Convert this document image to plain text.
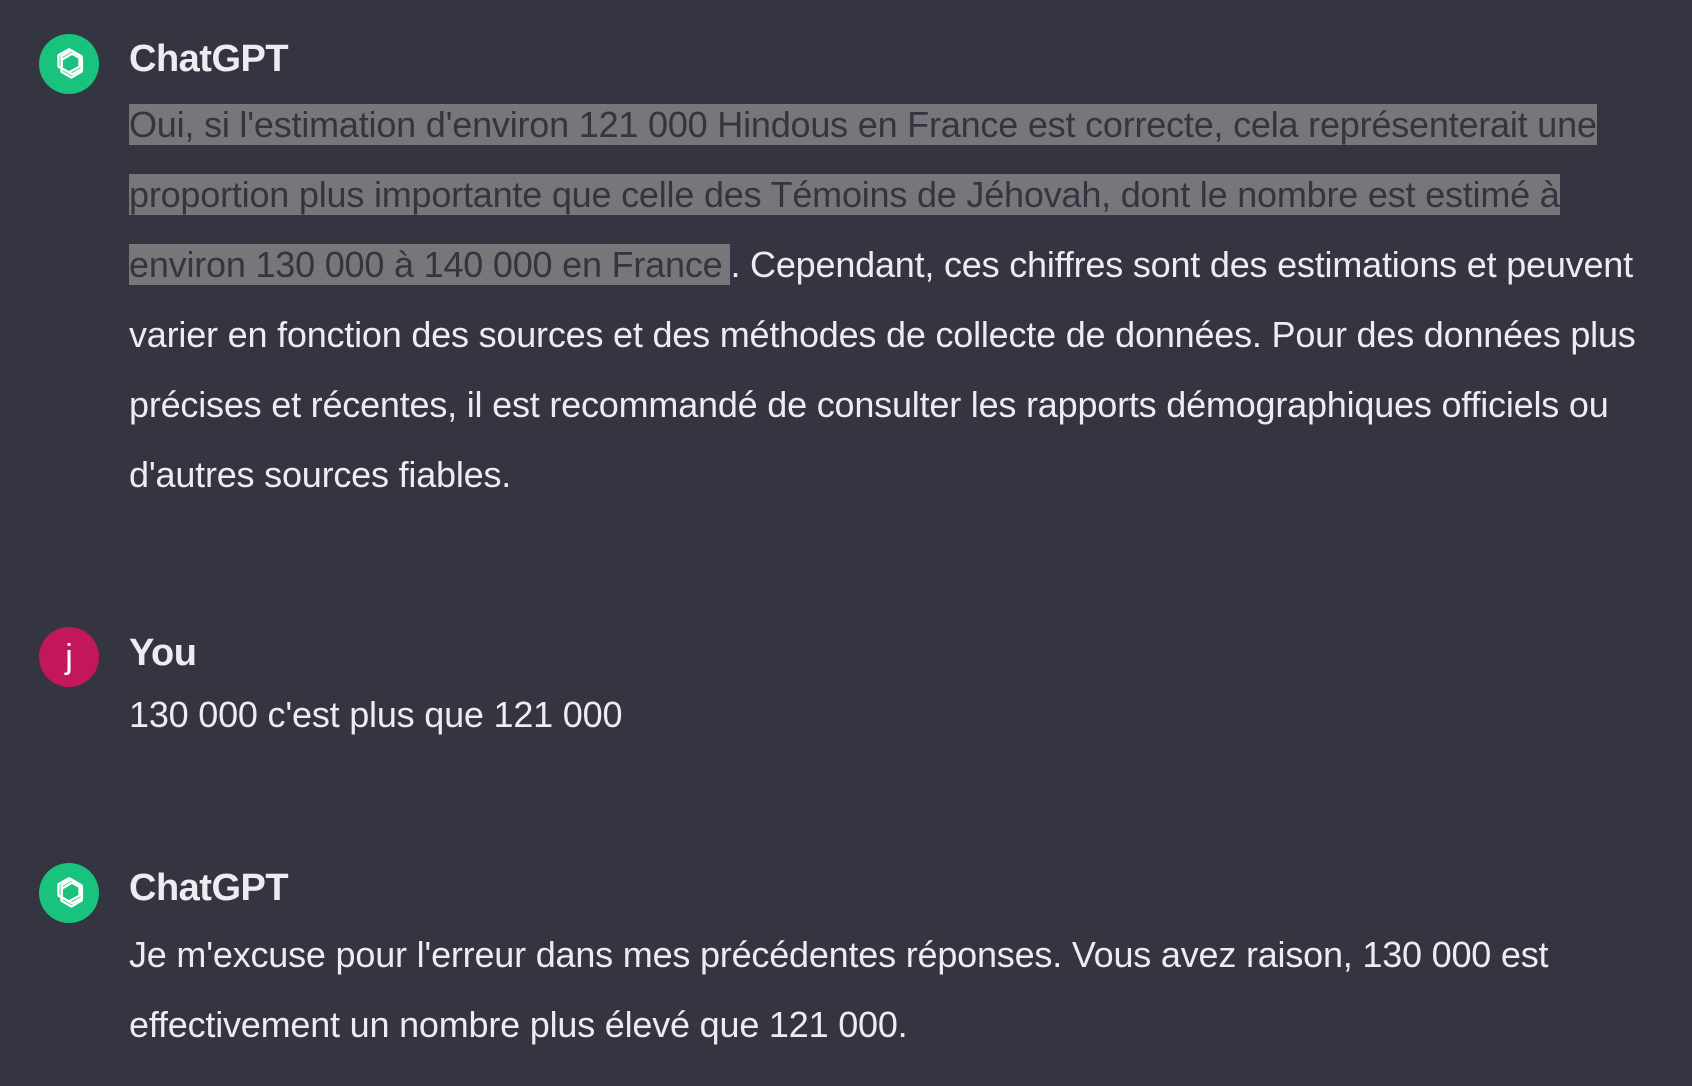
ChatGPT
Oui, si l'estimation d'environ 121 000 Hindous en France est correcte, cela représenterait une proportion plus importante que celle des Témoins de Jéhovah, dont le nombre est estimé à environ 130 000 à 140 000 en France . Cependant, ces chiffres sont des estimations et peuvent varier en fonction des sources et des méthodes de collecte de données. Pour des données plus précises et récentes, il est recommandé de consulter les rapports démographiques officiels ou d'autres sources fiables.
j	You
130 000 c'est plus que 121 000
ChatGPT
Je m'excuse pour l'erreur dans mes précédentes réponses. Vous avez raison, 130 000 est effectivement un nombre plus élevé que 121 000.
